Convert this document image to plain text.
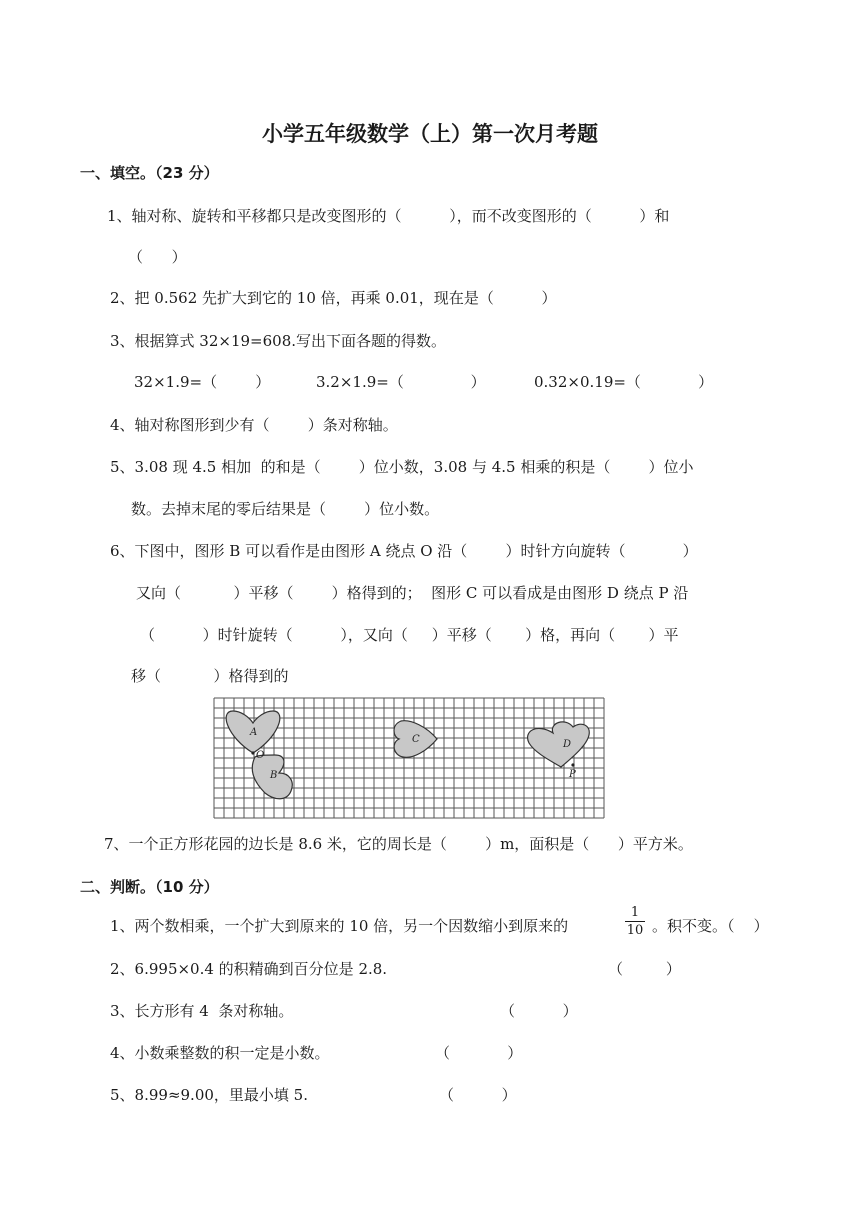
小学五年级数学（上）第一次月考题
一、填空。（23 分）
1、轴对称、旋转和平移都只是改变图形的（          ），而不改变图形的（          ）和
（      ）
2、把 0.562 先扩大到它的 10 倍，再乘 0.01，现在是（          ）
3、根据算式 32×19=608.写出下面各题的得数。
32×1.9=（        ）	3.2×1.9=（              ）	0.32×0.19=（            ）
4、轴对称图形到少有（        ）条对称轴。
5、3.08 现 4.5 相加  的和是（        ）位小数，3.08 与 4.5 相乘的积是（        ）位小
数。去掉末尾的零后结果是（        ）位小数。
6、下图中，图形 B 可以看作是由图形 A 绕点 O 沿（        ）时针方向旋转（            ）
又向（           ）平移（        ）格得到的；  图形 C 可以看成是由图形 D 绕点 P 沿
（          ）时针旋转（          ），又向（     ）平移（       ）格，再向（       ）平
移（           ）格得到的
A
O
B
C	D
P
7、一个正方形花园的边长是 8.6 米，它的周长是（        ）m，面积是（      ）平方米。
二、判断。（10 分）
1、两个数相乘，一个扩大到原来的 10 倍，另一个因数缩小到原来的
1
10 。积不变。（    ）
2、6.995×0.4 的积精确到百分位是 2.8.	（         ）
3、长方形有 4  条对称轴。	（          ）
4、小数乘整数的积一定是小数。	（            ）
5、8.99≈9.00，里最小填 5.	（          ）
